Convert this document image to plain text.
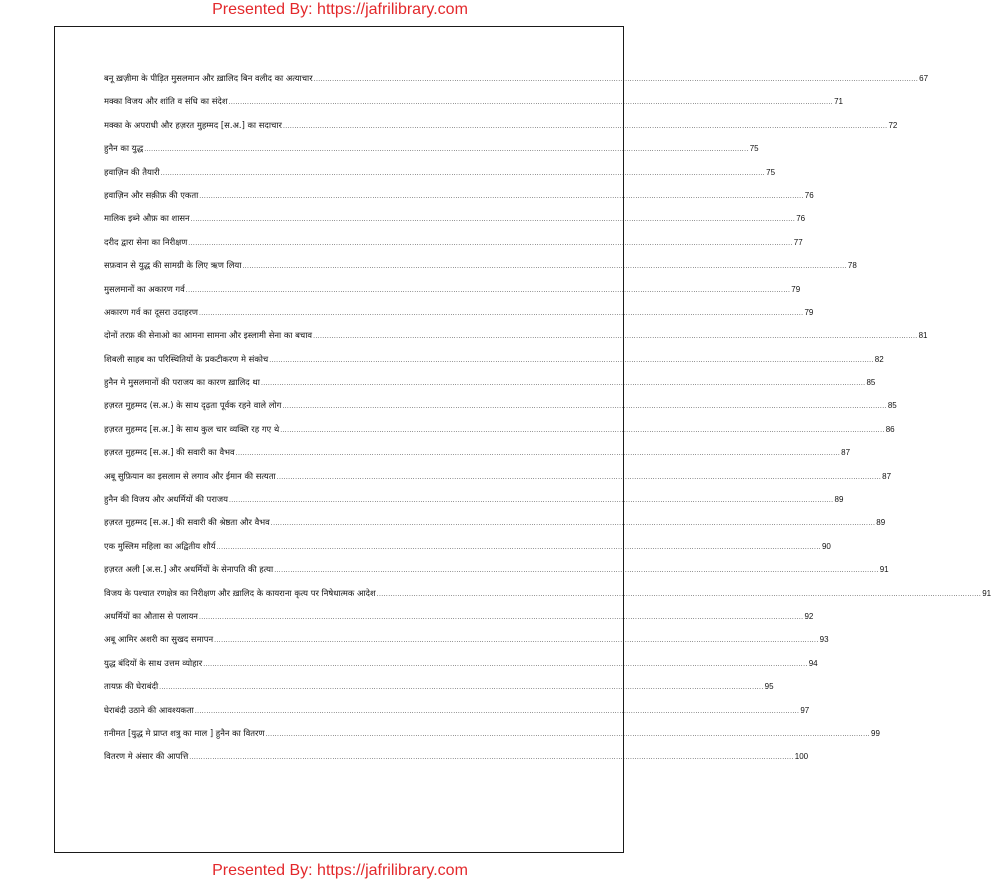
Presented By: https://jafrilibrary.com
बनू ख़ज़ीमा के पीड़ित मुसलमान और ख़ालिद बिन वलीद का अत्याचार ...................................................................................................................................................................................................................................................................... 67
मक्का विजय और शांति व संधि का संदेश ...................................................................................................................................................................................................................................................................... 71
मक्का के अपराधी और हज़रत मुहम्मद [स.अ.] का सदाचार ...................................................................................................................................................................................................................................................................... 72
हुनैन का युद्ध ...................................................................................................................................................................................................................................................................... 75
हवाज़िन की तैयारी ...................................................................................................................................................................................................................................................................... 75
हवाज़िन और सक़ीफ़ की एकता ...................................................................................................................................................................................................................................................................... 76
मालिक इब्ने औफ़ का शासन ...................................................................................................................................................................................................................................................................... 76
दरीद द्वारा सेना का निरीक्षण ...................................................................................................................................................................................................................................................................... 77
सफ़वान से युद्ध की सामग्री के लिए ऋण लिया ...................................................................................................................................................................................................................................................................... 78
मुसलमानों का अकारण गर्व ...................................................................................................................................................................................................................................................................... 79
अकारण गर्व का दूसरा उदाहरण ...................................................................................................................................................................................................................................................................... 79
दोनों तरफ़ की सेनाओ का आमना सामना और इस्लामी सेना का बचाव ...................................................................................................................................................................................................................................................................... 81
शिबली साहब का परिस्थितियों के प्रकटीकरण मे संकोच ...................................................................................................................................................................................................................................................................... 82
हुनैन मे मुसलमानों की पराजय का कारण ख़ालिद था ...................................................................................................................................................................................................................................................................... 85
हज़रत मुहम्मद (स.अ.) के साथ दृढ़ता पूर्वक रहने वाले लोग ...................................................................................................................................................................................................................................................................... 85
हज़रत मुहम्मद [स.अ.] के साथ कुल चार व्यक्ति रह गए थे ...................................................................................................................................................................................................................................................................... 86
हज़रत मुहम्मद [स.अ.] की सवारी का वैभव ...................................................................................................................................................................................................................................................................... 87
अबू सुफ़ियान का इसलाम से लगाव और ईमान की सत्यता ...................................................................................................................................................................................................................................................................... 87
हुनैन की विजय और अधर्मियों की पराजय ...................................................................................................................................................................................................................................................................... 89
हज़रत मुहम्मद [स.अ.] की सवारी की श्रेष्ठता और वैभव ...................................................................................................................................................................................................................................................................... 89
एक मुस्लिम महिला का अद्वितीय शौर्य ...................................................................................................................................................................................................................................................................... 90
हज़रत अली [अ.स.] और अधर्मियों के सेनापति की हत्या ...................................................................................................................................................................................................................................................................... 91
विजय के पश्चात रणक्षेत्र का निरीक्षण और ख़ालिद के कायराना कृत्य पर निषेधात्मक आदेश ...................................................................................................................................................................................................................................................................... 91
अधर्मियों का औतास से पलायन ...................................................................................................................................................................................................................................................................... 92
अबू आमिर अशरी का सुखद समापन ...................................................................................................................................................................................................................................................................... 93
युद्ध बंदियों के साथ उत्तम व्योहार ...................................................................................................................................................................................................................................................................... 94
तायफ़ की घेराबंदी ...................................................................................................................................................................................................................................................................... 95
घेराबंदी उठाने की आवश्यकता ...................................................................................................................................................................................................................................................................... 97
ग़नीमत [युद्ध मे प्राप्त शत्रु का माल ] हुनैन का वितरण ...................................................................................................................................................................................................................................................................... 99
वितरण मे अंसार की आपत्ति ...................................................................................................................................................................................................................................................................... 100
Presented By: https://jafrilibrary.com
